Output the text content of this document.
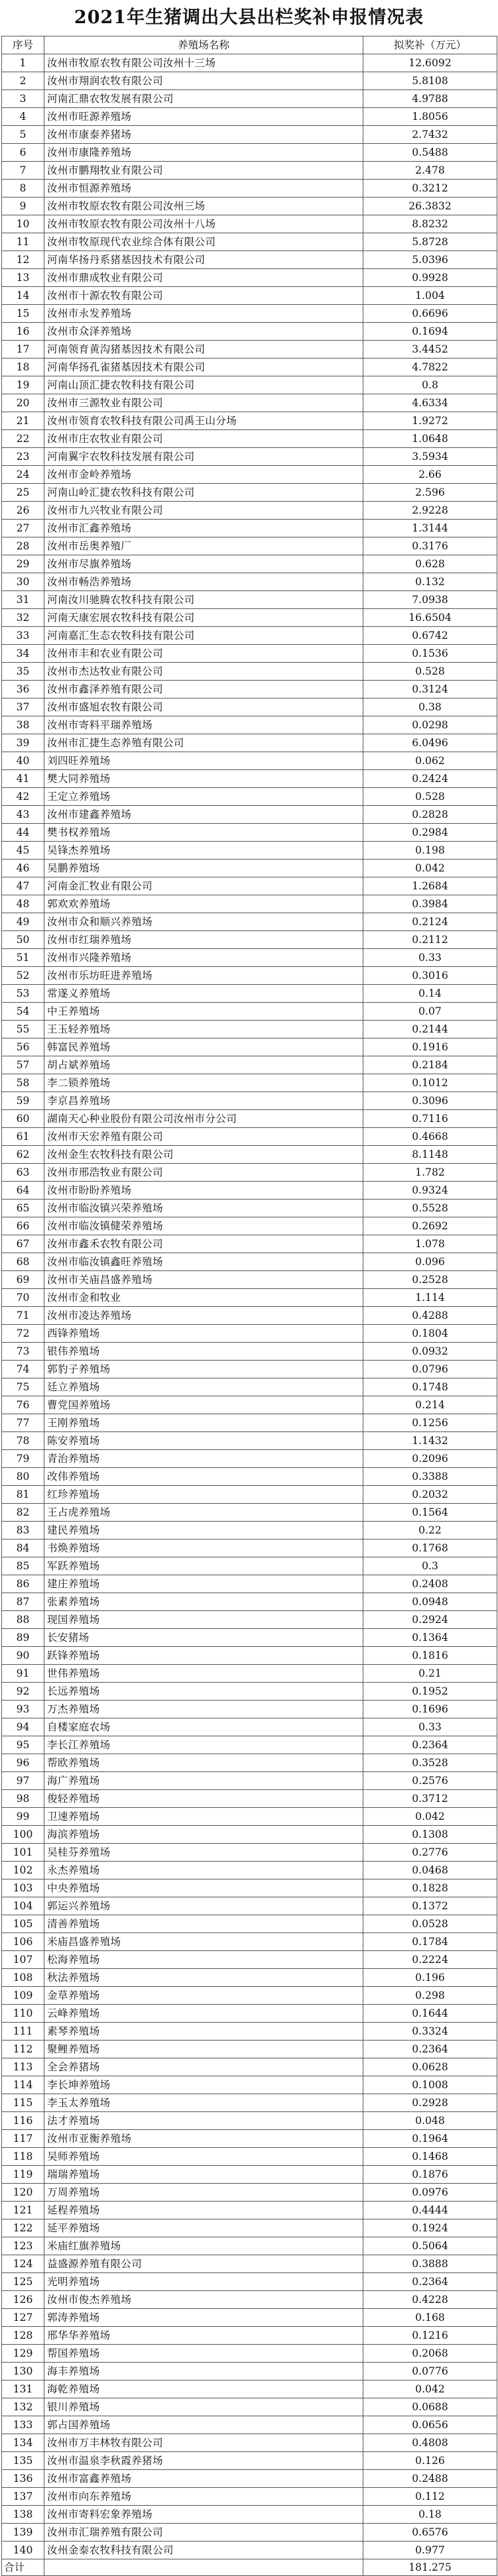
2021年生猪调出大县出栏奖补申报情况表
序号	养殖场名称	拟奖补（万元）
1	汝州市牧原农牧有限公司汝州十三场	12.6092
2	汝州市翔润农牧有限公司	5.8108
3	河南汇鼎农牧发展有限公司	4.9788
4	汝州市旺源养殖场	1.8056
5	汝州市康泰养猪场	2.7432
6	汝州市康隆养殖场	0.5488
7	汝州市鹏翔牧业有限公司	2.478
8	汝州市恒源养殖场	0.3212
9	汝州市牧原农牧有限公司汝州三场	26.3832
10	汝州市牧原农牧有限公司汝州十八场	8.8232
11	汝州市牧原现代农业综合体有限公司	5.8728
12	河南华扬丹系猪基因技术有限公司	5.0396
13	汝州市鼎成牧业有限公司	0.9928
14	汝州市十源农牧有限公司	1.004
15	汝州市永发养殖场	0.6696
16	汝州市众泽养殖场	0.1694
17	河南领育黄沟猪基因技术有限公司	3.4452
18	河南华扬孔雀猪基因技术有限公司	4.7822
19	河南山顶汇捷农牧科技有限公司	0.8
20	汝州市三源牧业有限公司	4.6334
21	汝州市领育农牧科技有限公司禹王山分场	1.9272
22	汝州市庄农牧业有限公司	1.0648
23	河南翼宇农牧科技发展有限公司	3.5934
24	汝州市金岭养殖场	2.66
25	河南山岭汇捷农牧科技有限公司	2.596
26	汝州市九兴牧业有限公司	2.9228
27	汝州市汇鑫养殖场	1.3144
28	汝州市岳奥养殖厂	0.3176
29	汝州市尽旗养殖场	0.628
30	汝州市畅浩养殖场	0.132
31	河南汝川驰腾农牧科技有限公司	7.0938
32	河南天康宏展农牧科技有限公司	16.6504
33	河南嘉汇生态农牧科技有限公司	0.6742
34	汝州市丰和农业有限公司	0.1536
35	汝州市杰达牧业有限公司	0.528
36	汝州市鑫泽养殖有限公司	0.3124
37	汝州市盛旭农牧有限公司	0.38
38	汝州市寄料平瑞养殖场	0.0298
39	汝州市汇捷生态养殖有限公司	6.0496
40	刘四旺养殖场	0.062
41	樊大同养殖场	0.2424
42	王定立养殖场	0.528
43	汝州市建鑫养殖场	0.2828
44	樊书权养殖场	0.2984
45	吴锋杰养殖场	0.198
46	吴鹏养殖场	0.042
47	河南金汇牧业有限公司	1.2684
48	郭欢欢养殖场	0.3984
49	汝州市众和顺兴养殖场	0.2124
50	汝州市红瑞养殖场	0.2112
51	汝州市兴隆养殖场	0.33
52	汝州市乐坊旺进养殖场	0.3016
53	常遂义养殖场	0.14
54	中王养殖场	0.07
55	王玉轻养殖场	0.2144
56	韩富民养殖场	0.1916
57	胡占斌养殖场	0.2184
58	李二锁养殖场	0.1012
59	李京昌养殖场	0.3096
60	湖南天心种业股份有限公司汝州市分公司	0.7116
61	汝州市天宏养殖有限公司	0.4668
62	汝州金生农牧科技有限公司	8.1148
63	汝州市邢浩牧业有限公司	1.782
64	汝州市盼盼养殖场	0.9324
65	汝州市临汝镇兴荣养殖场	0.5528
66	汝州市临汝镇健荣养殖场	0.2692
67	汝州市鑫禾农牧有限公司	1.078
68	汝州市临汝镇鑫旺养殖场	0.096
69	汝州市关庙昌盛养殖场	0.2528
70	汝州市金和牧业	1.114
71	汝州市凌达养殖场	0.4288
72	西锋养殖场	0.1804
73	银伟养殖场	0.0932
74	郭豹子养殖场	0.0796
75	廷立养殖场	0.1748
76	曹党国养殖场	0.214
77	王刚养殖场	0.1256
78	陈安养殖场	1.1432
79	青治养殖场	0.2096
80	改伟养殖场	0.3388
81	红珍养殖场	0.2032
82	王占虎养殖场	0.1564
83	建民养殖场	0.22
84	书焕养殖场	0.1768
85	军跃养殖场	0.3
86	建庄养殖场	0.2408
87	张素养殖场	0.0948
88	现国养殖场	0.2924
89	长安猪场	0.1364
90	跃锋养殖场	0.1816
91	世伟养殖场	0.21
92	长远养殖场	0.1952
93	万杰养殖场	0.1696
94	自楼家庭农场	0.33
95	李长江养殖场	0.2364
96	帮欧养殖场	0.3528
97	海广养殖场	0.2576
98	俊轻养殖场	0.3712
99	卫速养殖场	0.042
100	海滨养殖场	0.1308
101	吴桂芬养殖场	0.2776
102	永杰养殖场	0.0468
103	中央养殖场	0.1828
104	郭运兴养殖场	0.1372
105	清善养殖场	0.0528
106	米庙昌盛养殖场	0.1784
107	松海养殖场	0.2224
108	秋法养殖场	0.196
109	金草养殖场	0.298
110	云峰养殖场	0.1644
111	素琴养殖场	0.3324
112	聚鲤养殖场	0.2364
113	全会养猪场	0.0628
114	李长坤养殖场	0.1008
115	李玉太养殖场	0.2928
116	法才养殖场	0.048
117	汝州市亚衡养殖场	0.1964
118	吴师养殖场	0.1468
119	瑞瑞养殖场	0.1876
120	万周养殖场	0.0976
121	延程养殖场	0.4444
122	延平养殖场	0.1924
123	米庙红旗养殖场	0.5064
124	益盛源养殖有限公司	0.3888
125	光明养殖场	0.2364
126	汝州市俊杰养殖场	0.4228
127	郭涛养殖场	0.168
128	邢华华养殖场	0.1216
129	帮国养殖场	0.2068
130	海丰养殖场	0.0776
131	海乾养殖场	0.042
132	银川养殖场	0.0688
133	郭占国养殖场	0.0656
134	汝州市万丰林牧有限公司	0.4808
135	汝州市温泉李秋霞养猪场	0.126
136	汝州市富鑫养殖场	0.2488
137	汝州市向东养殖场	0.112
138	汝州市寄料宏象养殖场	0.18
139	汝州市汇瑞养殖有限公司	0.6576
140	汝州金泰农牧科技有限公司	0.977
合计		181.275
